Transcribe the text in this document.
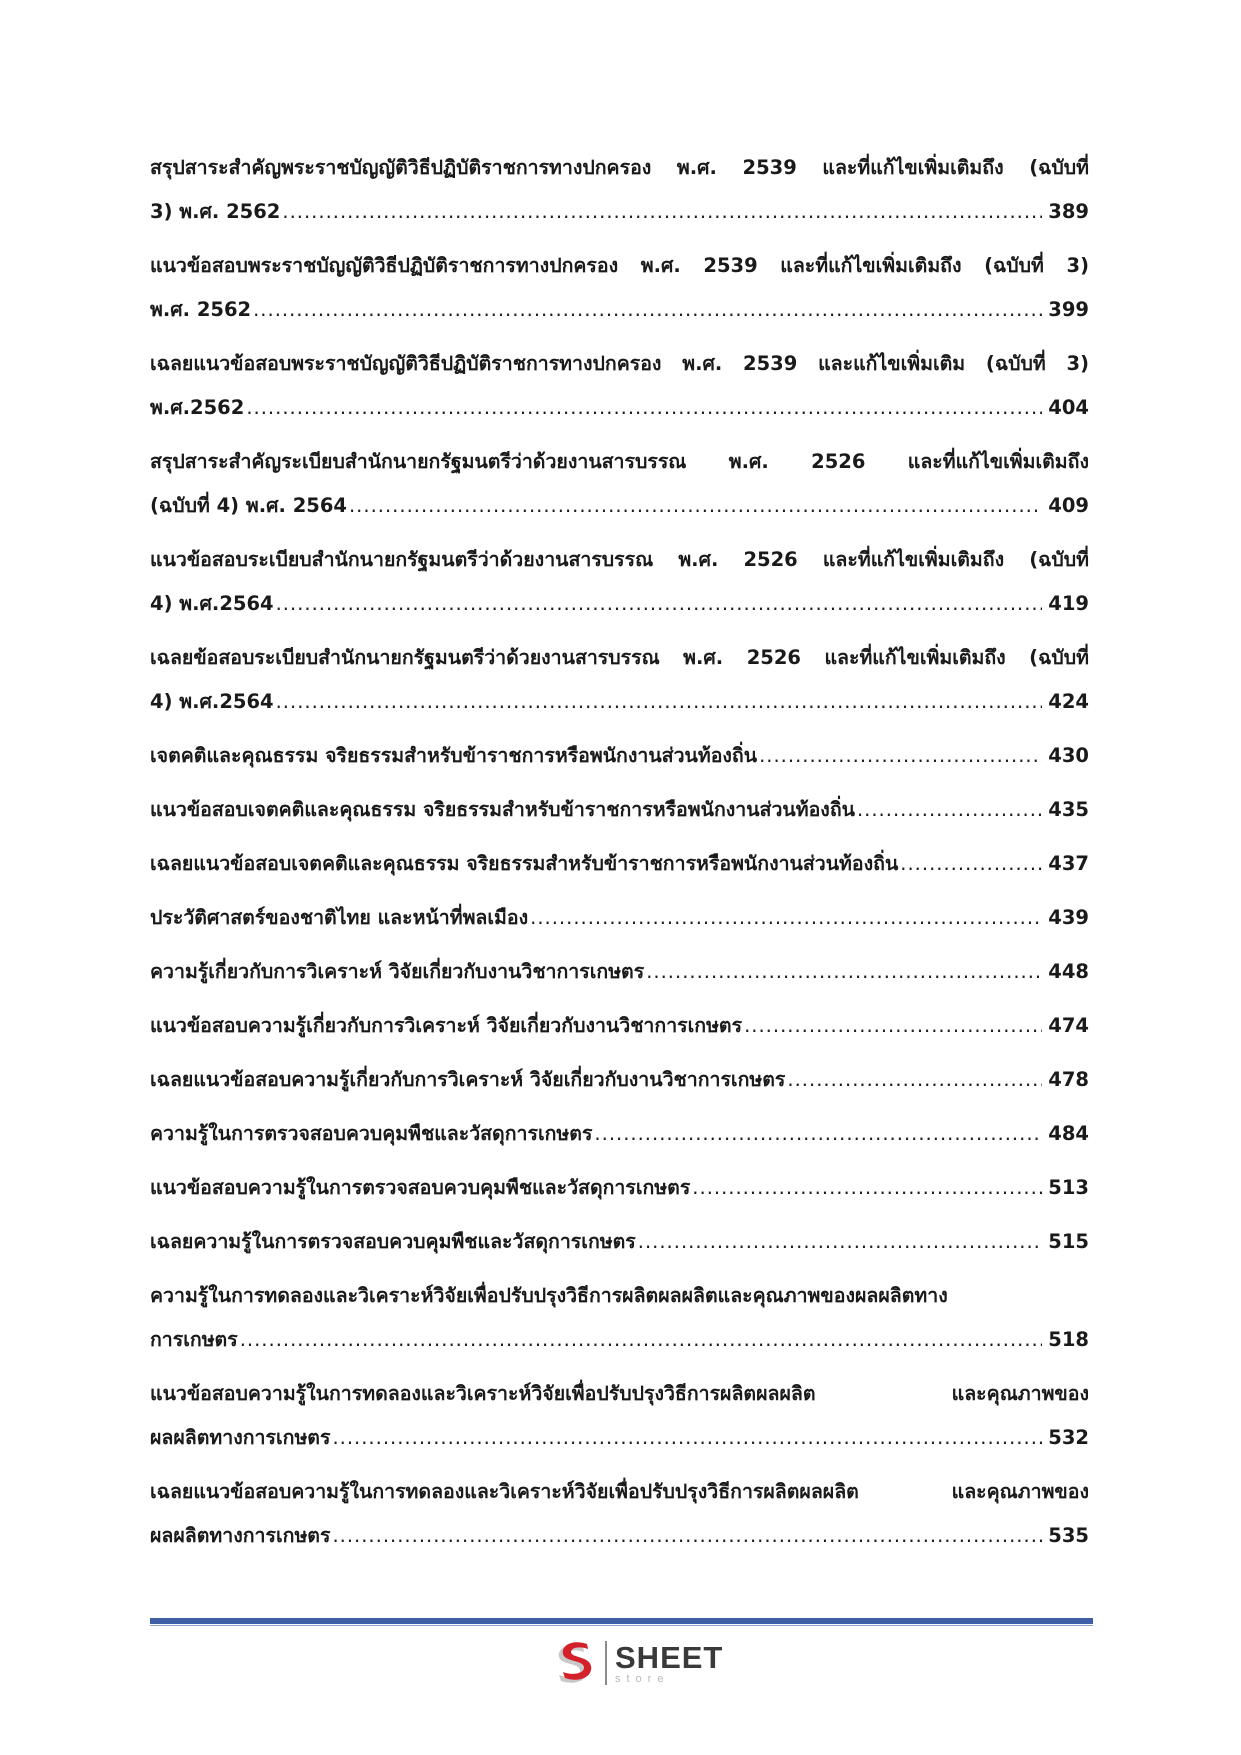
สรุปสาระสำคัญพระราชบัญญัติวิธีปฏิบัติราชการทางปกครอง พ.ศ. 2539 และที่แก้ไขเพิ่มเติมถึง (ฉบับที่
3) พ.ศ. 2562 .....	389
แนวข้อสอบพระราชบัญญัติวิธีปฏิบัติราชการทางปกครอง พ.ศ. 2539 และที่แก้ไขเพิ่มเติมถึง (ฉบับที่ 3)
พ.ศ. 2562 .....	399
เฉลยแนวข้อสอบพระราชบัญญัติวิธีปฏิบัติราชการทางปกครอง พ.ศ. 2539 และแก้ไขเพิ่มเติม (ฉบับที่ 3)
พ.ศ.2562 .....	404
สรุปสาระสำคัญระเบียบสำนักนายกรัฐมนตรีว่าด้วยงานสารบรรณ พ.ศ. 2526 และที่แก้ไขเพิ่มเติมถึง
(ฉบับที่ 4) พ.ศ. 2564 .....	409
แนวข้อสอบระเบียบสำนักนายกรัฐมนตรีว่าด้วยงานสารบรรณ พ.ศ. 2526 และที่แก้ไขเพิ่มเติมถึง (ฉบับที่
4) พ.ศ.2564 .....	419
เฉลยข้อสอบระเบียบสำนักนายกรัฐมนตรีว่าด้วยงานสารบรรณ พ.ศ. 2526 และที่แก้ไขเพิ่มเติมถึง (ฉบับที่
4) พ.ศ.2564 .....	424
เจตคติและคุณธรรม จริยธรรมสำหรับข้าราชการหรือพนักงานส่วนท้องถิ่น .....	430
แนวข้อสอบเจตคติและคุณธรรม จริยธรรมสำหรับข้าราชการหรือพนักงานส่วนท้องถิ่น .....	435
เฉลยแนวข้อสอบเจตคติและคุณธรรม จริยธรรมสำหรับข้าราชการหรือพนักงานส่วนท้องถิ่น .....	437
ประวัติศาสตร์ของชาติไทย และหน้าที่พลเมือง .....	439
ความรู้เกี่ยวกับการวิเคราะห์ วิจัยเกี่ยวกับงานวิชาการเกษตร .....	448
แนวข้อสอบความรู้เกี่ยวกับการวิเคราะห์ วิจัยเกี่ยวกับงานวิชาการเกษตร .....	474
เฉลยแนวข้อสอบความรู้เกี่ยวกับการวิเคราะห์ วิจัยเกี่ยวกับงานวิชาการเกษตร .....	478
ความรู้ในการตรวจสอบควบคุมพืชและวัสดุการเกษตร .....	484
แนวข้อสอบความรู้ในการตรวจสอบควบคุมพืชและวัสดุการเกษตร .....	513
เฉลยความรู้ในการตรวจสอบควบคุมพืชและวัสดุการเกษตร .....	515
ความรู้ในการทดลองและวิเคราะห์วิจัยเพื่อปรับปรุงวิธีการผลิตผลผลิตและคุณภาพของผลผลิตทาง
การเกษตร .....	518
แนวข้อสอบความรู้ในการทดลองและวิเคราะห์วิจัยเพื่อปรับปรุงวิธีการผลิตผลผลิต และคุณภาพของ
ผลผลิตทางการเกษตร .....	532
เฉลยแนวข้อสอบความรู้ในการทดลองและวิเคราะห์วิจัยเพื่อปรับปรุงวิธีการผลิตผลผลิต และคุณภาพของ
ผลผลิตทางการเกษตร .....	535
SHEET
store
